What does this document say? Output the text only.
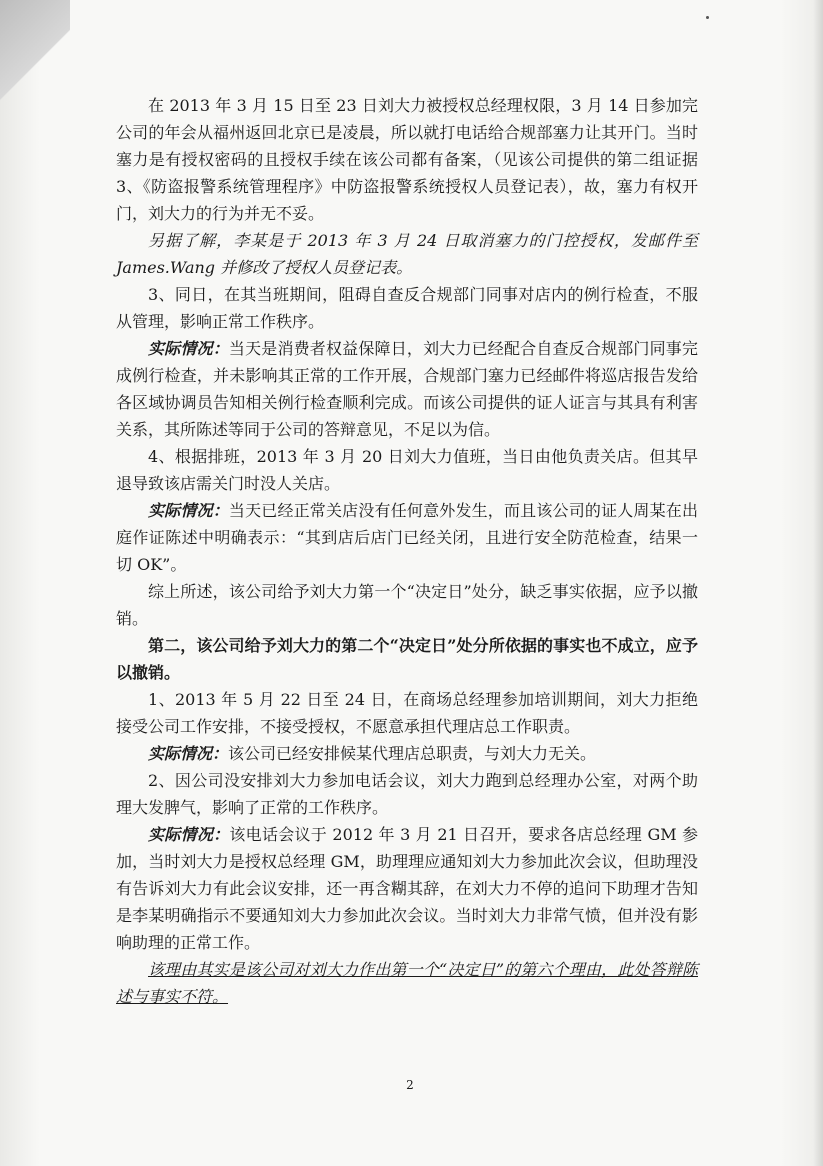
在 2013 年 3 月 15 日至 23 日刘大力被授权总经理权限，3 月 14 日参加完公司的年会从福州返回北京已是凌晨，所以就打电话给合规部塞力让其开门。当时塞力是有授权密码的且授权手续在该公司都有备案，（见该公司提供的第二组证据 3、《防盗报警系统管理程序》中防盗报警系统授权人员登记表），故，塞力有权开门，刘大力的行为并无不妥。

另据了解，李某是于 2013 年 3 月 24 日取消塞力的门控授权，发邮件至 James.Wang 并修改了授权人员登记表。

3、同日，在其当班期间，阻碍自查反合规部门同事对店内的例行检查，不服从管理，影响正常工作秩序。

实际情况：当天是消费者权益保障日，刘大力已经配合自查反合规部门同事完成例行检查，并未影响其正常的工作开展，合规部门塞力已经邮件将巡店报告发给各区域协调员告知相关例行检查顺利完成。而该公司提供的证人证言与其具有利害关系，其所陈述等同于公司的答辩意见，不足以为信。

4、根据排班，2013 年 3 月 20 日刘大力值班，当日由他负责关店。但其早退导致该店需关门时没人关店。

实际情况：当天已经正常关店没有任何意外发生，而且该公司的证人周某在出庭作证陈述中明确表示：“其到店后店门已经关闭，且进行安全防范检查，结果一切 OK”。

综上所述，该公司给予刘大力第一个“决定日”处分，缺乏事实依据，应予以撤销。

第二，该公司给予刘大力的第二个“决定日”处分所依据的事实也不成立，应予以撤销。

1、2013 年 5 月 22 日至 24 日，在商场总经理参加培训期间，刘大力拒绝接受公司工作安排，不接受授权，不愿意承担代理店总工作职责。

实际情况：该公司已经安排候某代理店总职责，与刘大力无关。

2、因公司没安排刘大力参加电话会议，刘大力跑到总经理办公室，对两个助理大发脾气，影响了正常的工作秩序。

实际情况：该电话会议于 2012 年 3 月 21 日召开，要求各店总经理 GM 参加，当时刘大力是授权总经理 GM，助理理应通知刘大力参加此次会议，但助理没有告诉刘大力有此会议安排，还一再含糊其辞，在刘大力不停的追问下助理才告知是李某明确指示不要通知刘大力参加此次会议。当时刘大力非常气愤，但并没有影响助理的正常工作。

该理由其实是该公司对刘大力作出第一个“决定日”的第六个理由，此处答辩陈述与事实不符。

2
